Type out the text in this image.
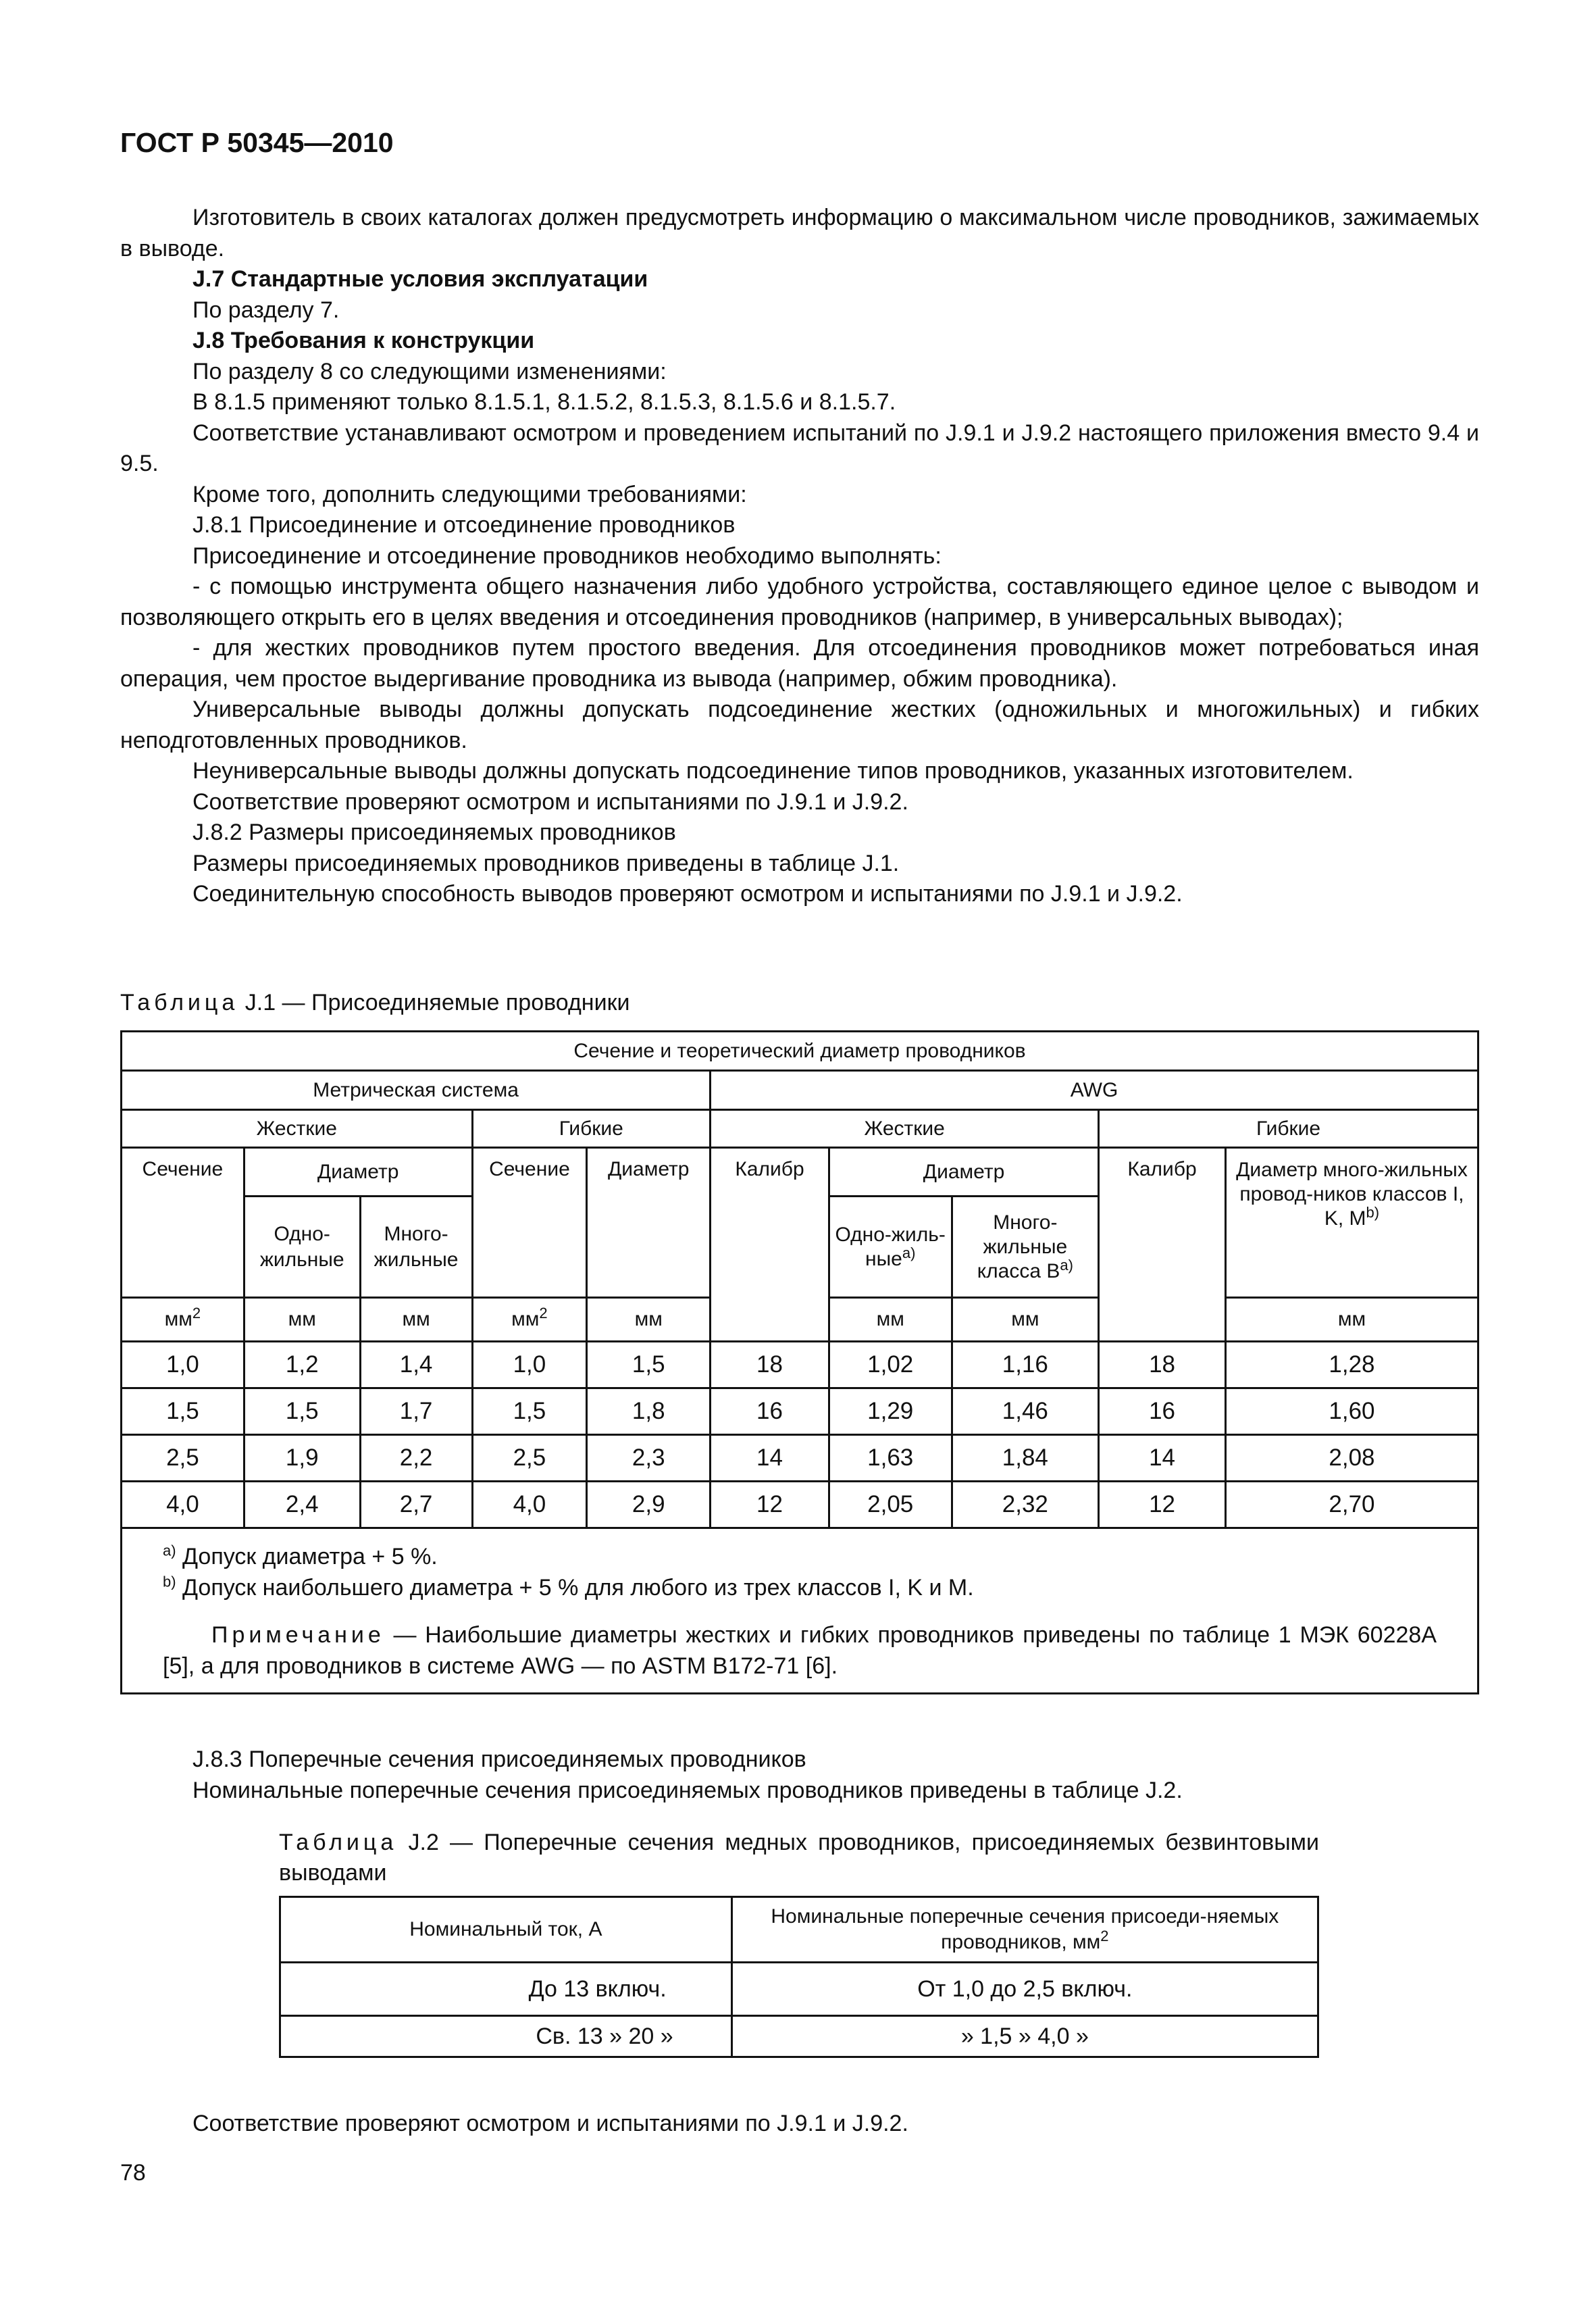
ГОСТ Р 50345—2010

Изготовитель в своих каталогах должен предусмотреть информацию о максимальном числе проводников, зажимаемых в выводе.

J.7 Стандартные условия эксплуатации

По разделу 7.

J.8 Требования к конструкции

По разделу 8 со следующими изменениями:

В 8.1.5 применяют только 8.1.5.1, 8.1.5.2, 8.1.5.3, 8.1.5.6 и 8.1.5.7.

Соответствие устанавливают осмотром и проведением испытаний по J.9.1 и J.9.2 настоящего приложения вместо 9.4 и 9.5.

Кроме того, дополнить следующими требованиями:

J.8.1 Присоединение и отсоединение проводников

Присоединение и отсоединение проводников необходимо выполнять:

- с помощью инструмента общего назначения либо удобного устройства, составляющего единое целое с выводом и позволяющего открыть его в целях введения и отсоединения проводников (например, в универсальных выводах);

- для жестких проводников путем простого введения. Для отсоединения проводников может потребоваться иная операция, чем простое выдергивание проводника из вывода (например, обжим проводника).

Универсальные выводы должны допускать подсоединение жестких (одножильных и многожильных) и гибких неподготовленных проводников.

Неуниверсальные выводы должны допускать подсоединение типов проводников, указанных изготовителем.

Соответствие проверяют осмотром и испытаниями по J.9.1 и J.9.2.

J.8.2 Размеры присоединяемых проводников

Размеры присоединяемых проводников приведены в таблице J.1.

Соединительную способность выводов проверяют осмотром и испытаниями по J.9.1 и J.9.2.

Таблица J.1 — Присоединяемые проводники
Сечение и теоретический диаметр проводников									
Метрическая система					AWG				
Жесткие			Гибкие		Жесткие			Гибкие	
Сечение	Диаметр		Сечение	Диаметр	Калибр	Диаметр		Калибр	Диаметр много-жильных провод-ников классов I, K, $M^{b)}$
	Одно-жильные	Много-жильные				Одно-жиль-ные$^{a)}$	Много-жильные класса $B^{a)}$
$мм^2$	мм	мм	$мм^2$	мм		мм	мм		мм
1,0	1,2	1,4	1,0	1,5	18	1,02	1,16	18	1,28
1,5	1,5	1,7	1,5	1,8	16	1,29	1,46	16	1,60
2,5	1,9	2,2	2,5	2,3	14	1,63	1,84	14	2,08
4,0	2,4	2,7	4,0	2,9	12	2,05	2,32	12	2,70

$^{a)}$ Допуск диаметра + 5 %.

$^{b)}$ Допуск наибольшего диаметра + 5 % для любого из трех классов I, K и M.

Примечание — Наибольшие диаметры жестких и гибких проводников приведены по таблице 1 МЭК 60228A [5], а для проводников в системе AWG — по ASTM B172-71 [6].									

J.8.3 Поперечные сечения присоединяемых проводников

Номинальные поперечные сечения присоединяемых проводников приведены в таблице J.2.

Таблица J.2 — Поперечные сечения медных проводников, присоединяемых безвинтовыми выводами
Номинальный ток, A	Номинальные поперечные сечения присоеди-няемых проводников, $мм^2$
До 13 включ.	От 1,0 до 2,5 включ.
Св. 13 » 20 »	» 1,5 » 4,0 »
Соответствие проверяют осмотром и испытаниями по J.9.1 и J.9.2.
78
